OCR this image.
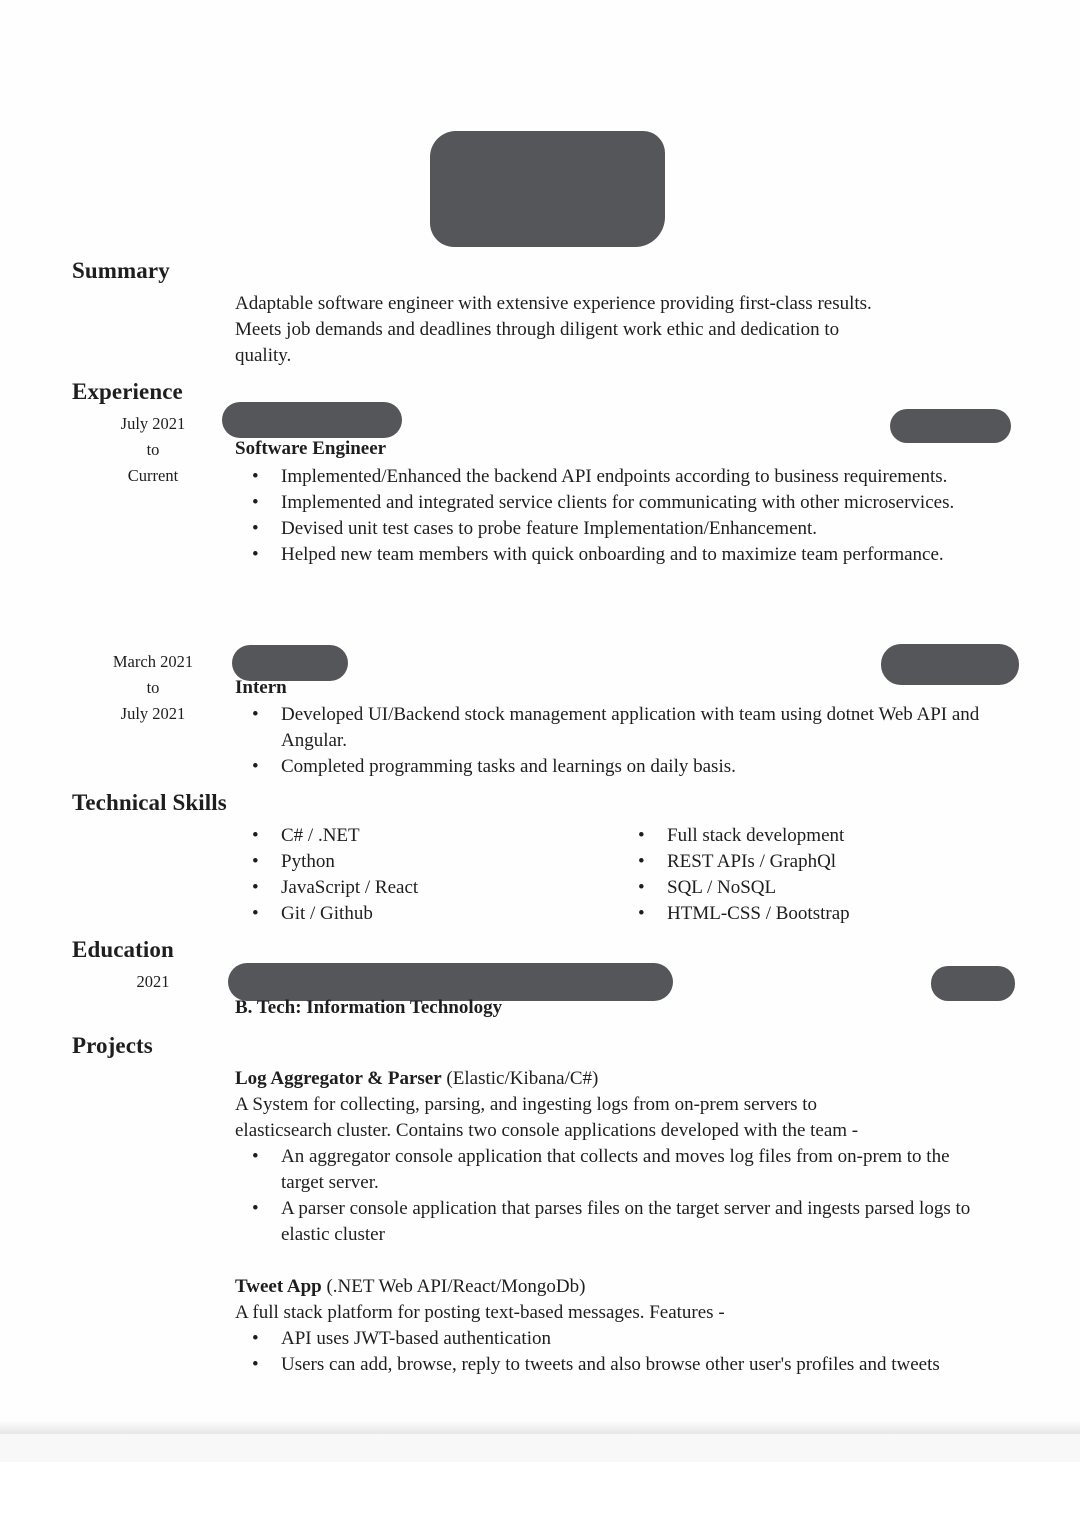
Summary
Adaptable software engineer with extensive experience providing first-class results.
Meets job demands and deadlines through diligent work ethic and dedication to
quality.
Experience
July 2021
to
Current
Software Engineer
• Implemented/Enhanced the backend API endpoints according to business requirements.
• Implemented and integrated service clients for communicating with other microservices.
• Devised unit test cases to probe feature Implementation/Enhancement.
• Helped new team members with quick onboarding and to maximize team performance.
March 2021
to
July 2021
Intern
• Developed UI/Backend stock management application with team using dotnet Web API and Angular.
• Completed programming tasks and learnings on daily basis.
Technical Skills
• C# / .NET
• Python
• JavaScript / React
• Git / Github
• Full stack development
• REST APIs / GraphQl
• SQL / NoSQL
• HTML-CSS / Bootstrap
Education
2021
B. Tech: Information Technology
Projects
Log Aggregator & Parser (Elastic/Kibana/C#)
A System for collecting, parsing, and ingesting logs from on-prem servers to
elasticsearch cluster. Contains two console applications developed with the team -
• An aggregator console application that collects and moves log files from on-prem to the target server.
• A parser console application that parses files on the target server and ingests parsed logs to elastic cluster
Tweet App (.NET Web API/React/MongoDb)
A full stack platform for posting text-based messages. Features -
• API uses JWT-based authentication
• Users can add, browse, reply to tweets and also browse other user's profiles and tweets
